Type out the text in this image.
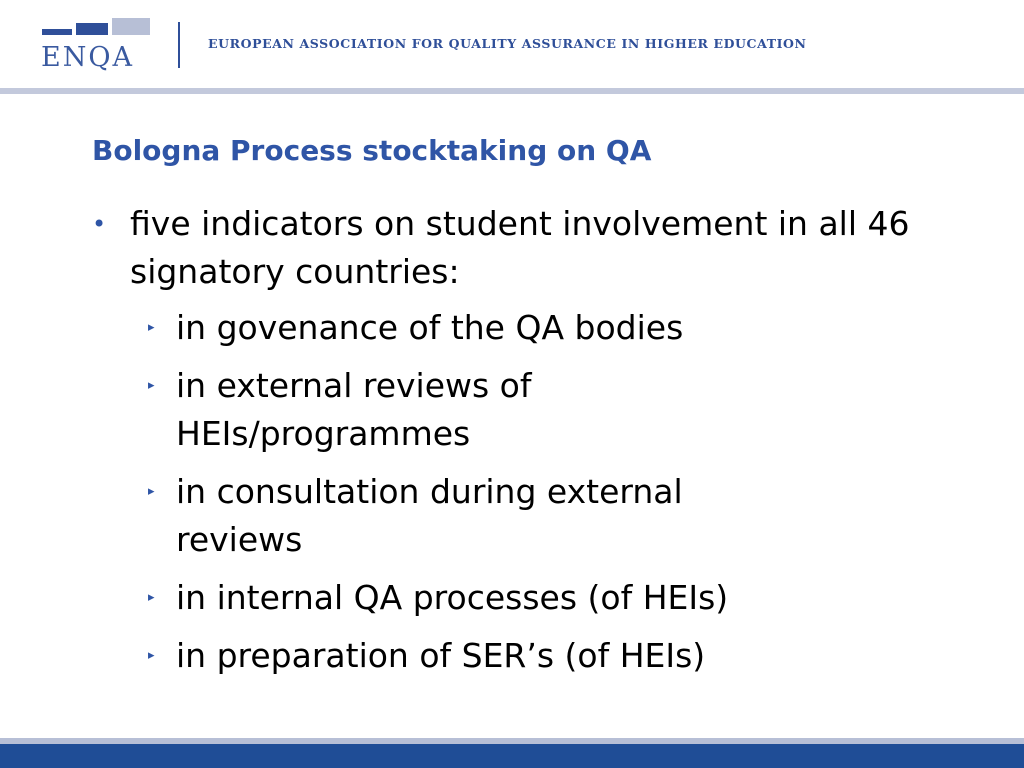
ENQA	EUROPEAN ASSOCIATION FOR QUALITY ASSURANCE IN HIGHER EDUCATION
Bologna Process stocktaking on QA
• five indicators on student involvement in all 46 signatory countries:
▸ in govenance of the QA bodies
▸ in external reviews of HEIs/programmes
▸ in consultation during external reviews
▸ in internal QA processes (of HEIs)
▸ in preparation of SER’s (of HEIs)
